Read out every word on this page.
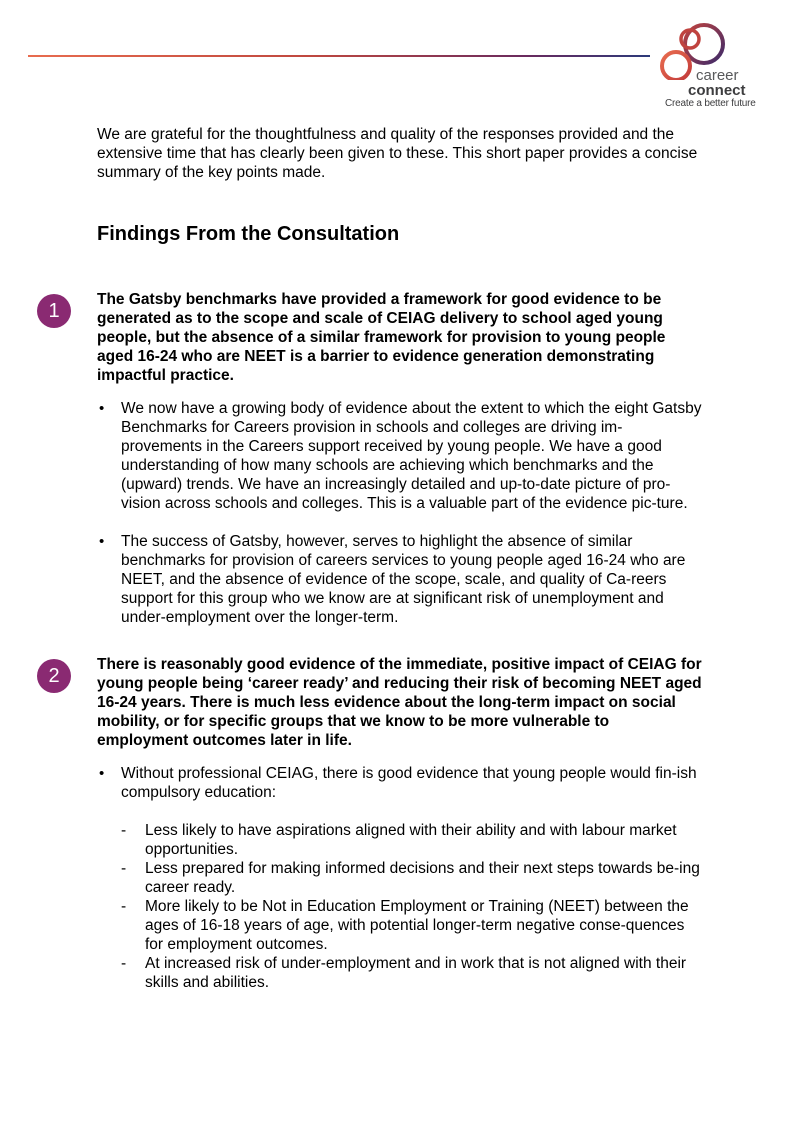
career
connect
Create a better future

We are grateful for the thoughtfulness and quality of the responses provided and the extensive time that has clearly been given to these. This short paper provides a concise summary of the key points made.

Findings From the Consultation
1

The Gatsby benchmarks have provided a framework for good evidence to be generated as to the scope and scale of CEIAG delivery to school aged young people, but the absence of a similar framework for provision to young people aged 16-24 who are NEET is a barrier to evidence generation demonstrating impactful practice.

• We now have a growing body of evidence about the extent to which the eight Gatsby Benchmarks for Careers provision in schools and colleges are driving im-provements in the Careers support received by young people. We have a good understanding of how many schools are achieving which benchmarks and the (upward) trends. We have an increasingly detailed and up-to-date picture of pro-vision across schools and colleges. This is a valuable part of the evidence pic-ture.
• The success of Gatsby, however, serves to highlight the absence of similar benchmarks for provision of careers services to young people aged 16-24 who are NEET, and the absence of evidence of the scope, scale, and quality of Ca-reers support for this group who we know are at significant risk of unemployment and under-employment over the longer-term.
2

There is reasonably good evidence of the immediate, positive impact of CEIAG for young people being ‘career ready’ and reducing their risk of becoming NEET aged 16-24 years. There is much less evidence about the long-term impact on social mobility, or for specific groups that we know to be more vulnerable to employment outcomes later in life.

• Without professional CEIAG, there is good evidence that young people would fin-ish compulsory education:
- Less likely to have aspirations aligned with their ability and with labour market opportunities.
- Less prepared for making informed decisions and their next steps towards be-ing career ready.
- More likely to be Not in Education Employment or Training (NEET) between the ages of 16-18 years of age, with potential longer-term negative conse-quences for employment outcomes.
- At increased risk of under-employment and in work that is not aligned with their skills and abilities.
